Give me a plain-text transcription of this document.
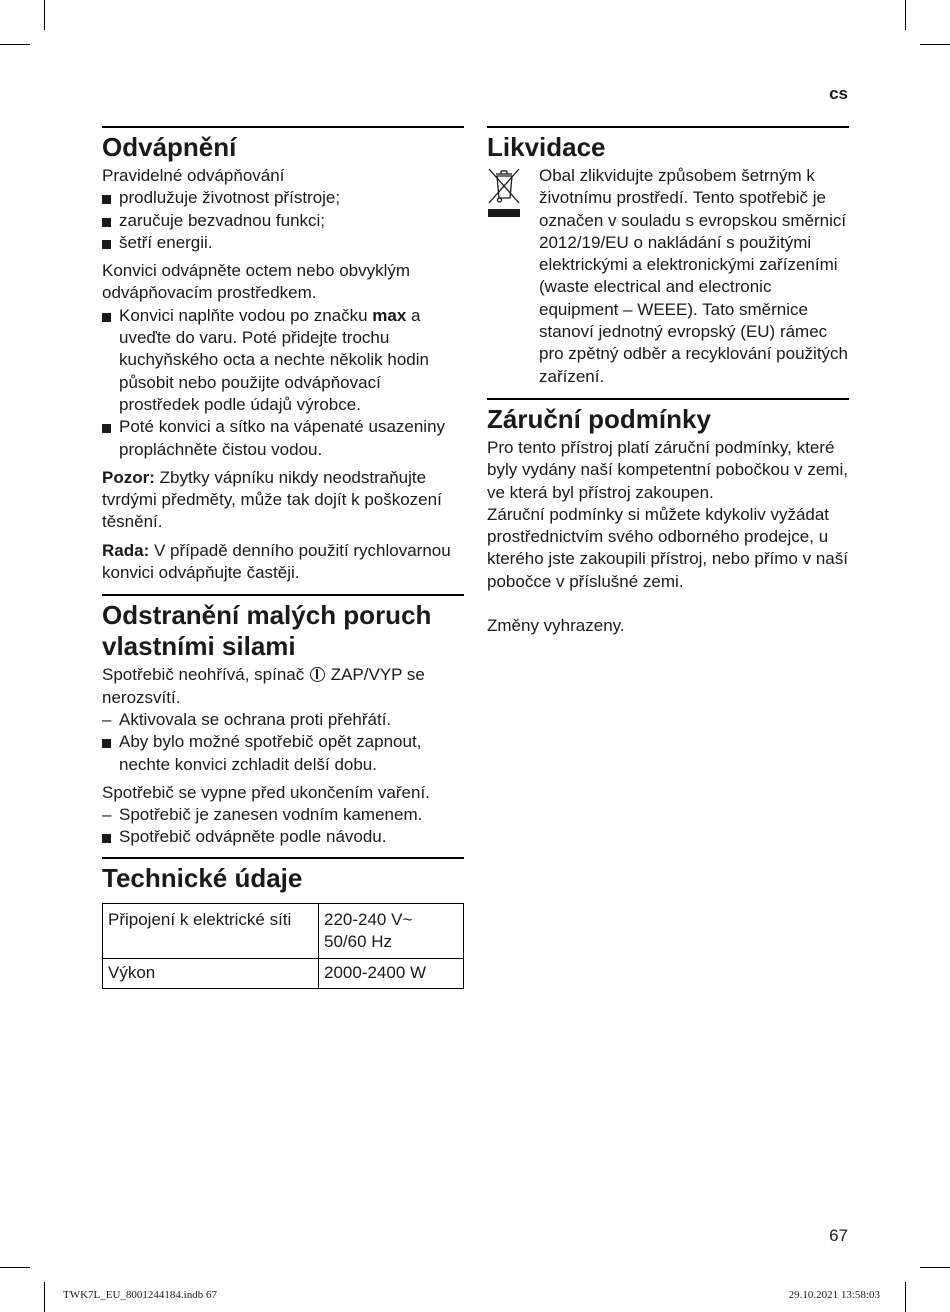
cs
Odvápnění

Pravidelné odvápňování

prodlužuje životnost přístroje;
zaručuje bezvadnou funkci;
šetří energii.

Konvici odvápněte octem nebo obvyklým odvápňovacím prostředkem.

Konvici naplňte vodou po značku max a uveďte do varu. Poté přidejte trochu kuchyňského octa a nechte několik hodin působit nebo použijte odvápňovací prostředek podle údajů výrobce.
Poté konvici a sítko na vápenaté usazeniny propláchněte čistou vodou.

Pozor: Zbytky vápníku nikdy neodstraňujte tvrdými předměty, může tak dojít k poškození těsnění.

Rada: V případě denního použití rychlovarnou konvici odvápňujte častěji.

Odstranění malých poruch vlastními silami

Spotřebič neohřívá, spínač  ZAP/VYP se nerozsvítí.

– Aktivovala se ochrana proti přehřátí.
Aby bylo možné spotřebič opět zapnout, nechte konvici zchladit delší dobu.

Spotřebič se vypne před ukončením vaření.

– Spotřebič je zanesen vodním kamenem.
Spotřebič odvápněte podle návodu.
Technické údaje
Připojení k elektrické síti	220-240 V~
50/60 Hz

Výkon	2000-2400 W
Likvidace

Obal zlikvidujte způsobem šetrným k životnímu prostředí. Tento spotřebič je označen v souladu s evropskou směrnicí 2012/19/EU o nakládání s použitými elektrickými a elektronickými zařízeními (waste electrical and electronic equipment – WEEE). Tato směrnice stanoví jednotný evropský (EU) rámec pro zpětný odběr a recyklování použitých zařízení.

Záruční podmínky

Pro tento přístroj platí záruční podmínky, které byly vydány naší kompetentní pobočkou v zemi, ve která byl přístroj zakoupen.

Záruční podmínky si můžete kdykoliv vyžádat prostřednictvím svého odborného prodejce, u kterého jste zakoupili přístroj, nebo přímo v naší pobočce v příslušné zemi.

Změny vyhrazeny.

67
TWK7L_EU_8001244184.indb 67	29.10.2021 13:58:03
